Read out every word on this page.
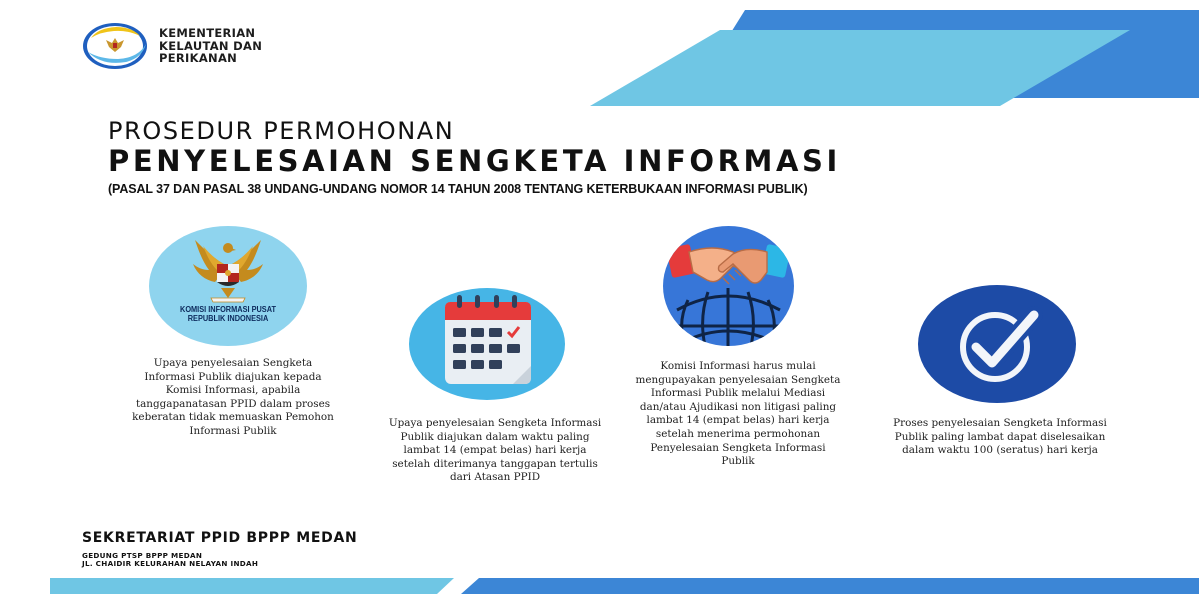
KEMENTERIAN
KELAUTAN DAN
PERIKANAN
PROSEDUR PERMOHONAN
PENYELESAIAN SENGKETA INFORMASI
(PASAL 37 DAN PASAL 38 UNDANG-UNDANG NOMOR 14 TAHUN 2008 TENTANG KETERBUKAAN INFORMASI PUBLIK)
KOMISI INFORMASI PUSAT
REPUBLIK INDONESIA
Upaya penyelesaian Sengketa Informasi Publik diajukan kepada Komisi Informasi, apabila tanggapanatasan PPID dalam proses keberatan tidak memuaskan Pemohon Informasi Publik
Upaya penyelesaian Sengketa Informasi Publik diajukan dalam waktu paling lambat 14 (empat belas) hari kerja setelah diterimanya tanggapan tertulis dari Atasan PPID
Komisi Informasi harus mulai mengupayakan penyelesaian Sengketa Informasi Publik melalui Mediasi dan/atau Ajudikasi non litigasi paling lambat 14 (empat belas) hari kerja setelah menerima permohonan Penyelesaian Sengketa Informasi Publik
Proses penyelesaian Sengketa Informasi Publik paling lambat dapat diselesaikan dalam waktu 100 (seratus) hari kerja
SEKRETARIAT PPID BPPP MEDAN
GEDUNG PTSP BPPP MEDAN
JL. CHAIDIR KELURAHAN NELAYAN INDAH
